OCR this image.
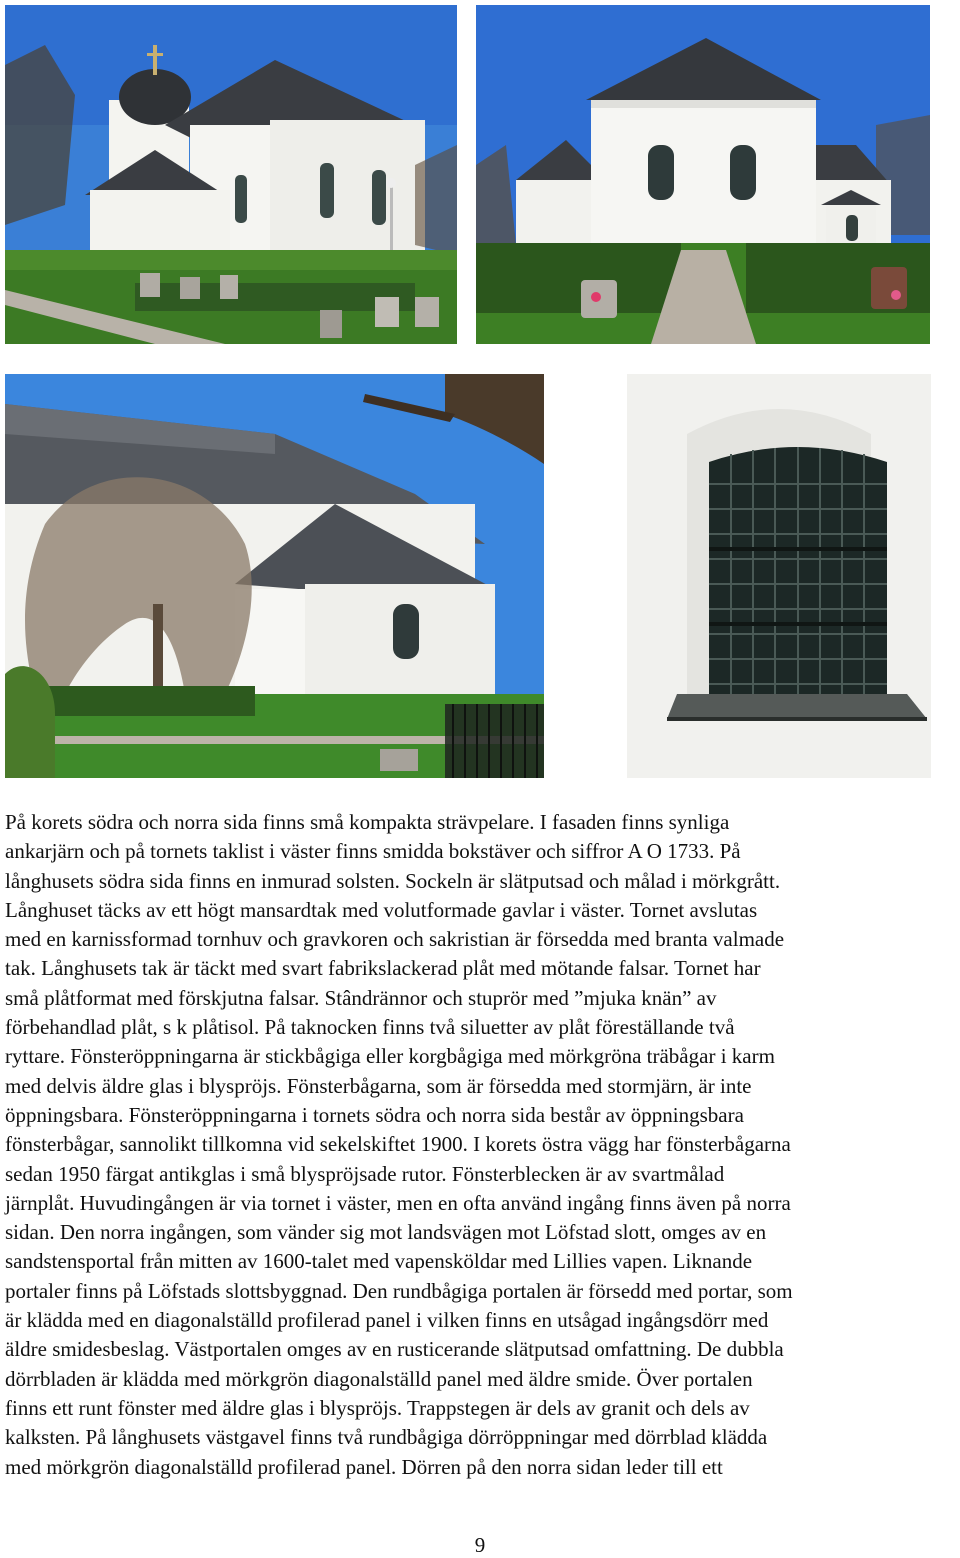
På korets södra och norra sida finns små kompakta strävpelare. I fasaden finns synliga
ankarjärn och på tornets taklist i väster finns smidda bokstäver och siffror A O 1733. På
långhusets södra sida finns en inmurad solsten. Sockeln är slätputsad och målad i mörkgrått.
Långhuset täcks av ett högt mansardtak med volutformade gavlar i väster. Tornet avslutas
med en karnissformad tornhuv och gravkoren och sakristian är försedda med branta valmade
tak. Långhusets tak är täckt med svart fabrikslackerad plåt med mötande falsar. Tornet har
små plåtformat med förskjutna falsar. Stândrännor och stuprör med ”mjuka knän” av
förbehandlad plåt, s k plåtisol. På taknocken finns två siluetter av plåt föreställande två
ryttare. Fönsteröppningarna är stickbågiga eller korgbågiga med mörkgröna träbågar i karm
med delvis äldre glas i blyspröjs. Fönsterbågarna, som är försedda med stormjärn, är inte
öppningsbara. Fönsteröppningarna i tornets södra och norra sida består av öppningsbara
fönsterbågar, sannolikt tillkomna vid sekelskiftet 1900. I korets östra vägg har fönsterbågarna
sedan 1950 färgat antikglas i små blyspröjsade rutor. Fönsterblecken är av svartmålad
järnplåt. Huvudingången är via tornet i väster, men en ofta använd ingång finns även på norra
sidan. Den norra ingången, som vänder sig mot landsvägen mot Löfstad slott, omges av en
sandstensportal från mitten av 1600-talet med vapensköldar med Lillies vapen. Liknande
portaler finns på Löfstads slottsbyggnad. Den rundbågiga portalen är försedd med portar, som
är klädda med en diagonalställd profilerad panel i vilken finns en utsågad ingångsdörr med
äldre smidesbeslag. Västportalen omges av en rusticerande slätputsad omfattning. De dubbla
dörrbladen är klädda med mörkgrön diagonalställd panel med äldre smide. Över portalen
finns ett runt fönster med äldre glas i blyspröjs. Trappstegen är dels av granit och dels av
kalksten. På långhusets västgavel finns två rundbågiga dörröppningar med dörrblad klädda
med mörkgrön diagonalställd profilerad panel. Dörren på den norra sidan leder till ett
9
